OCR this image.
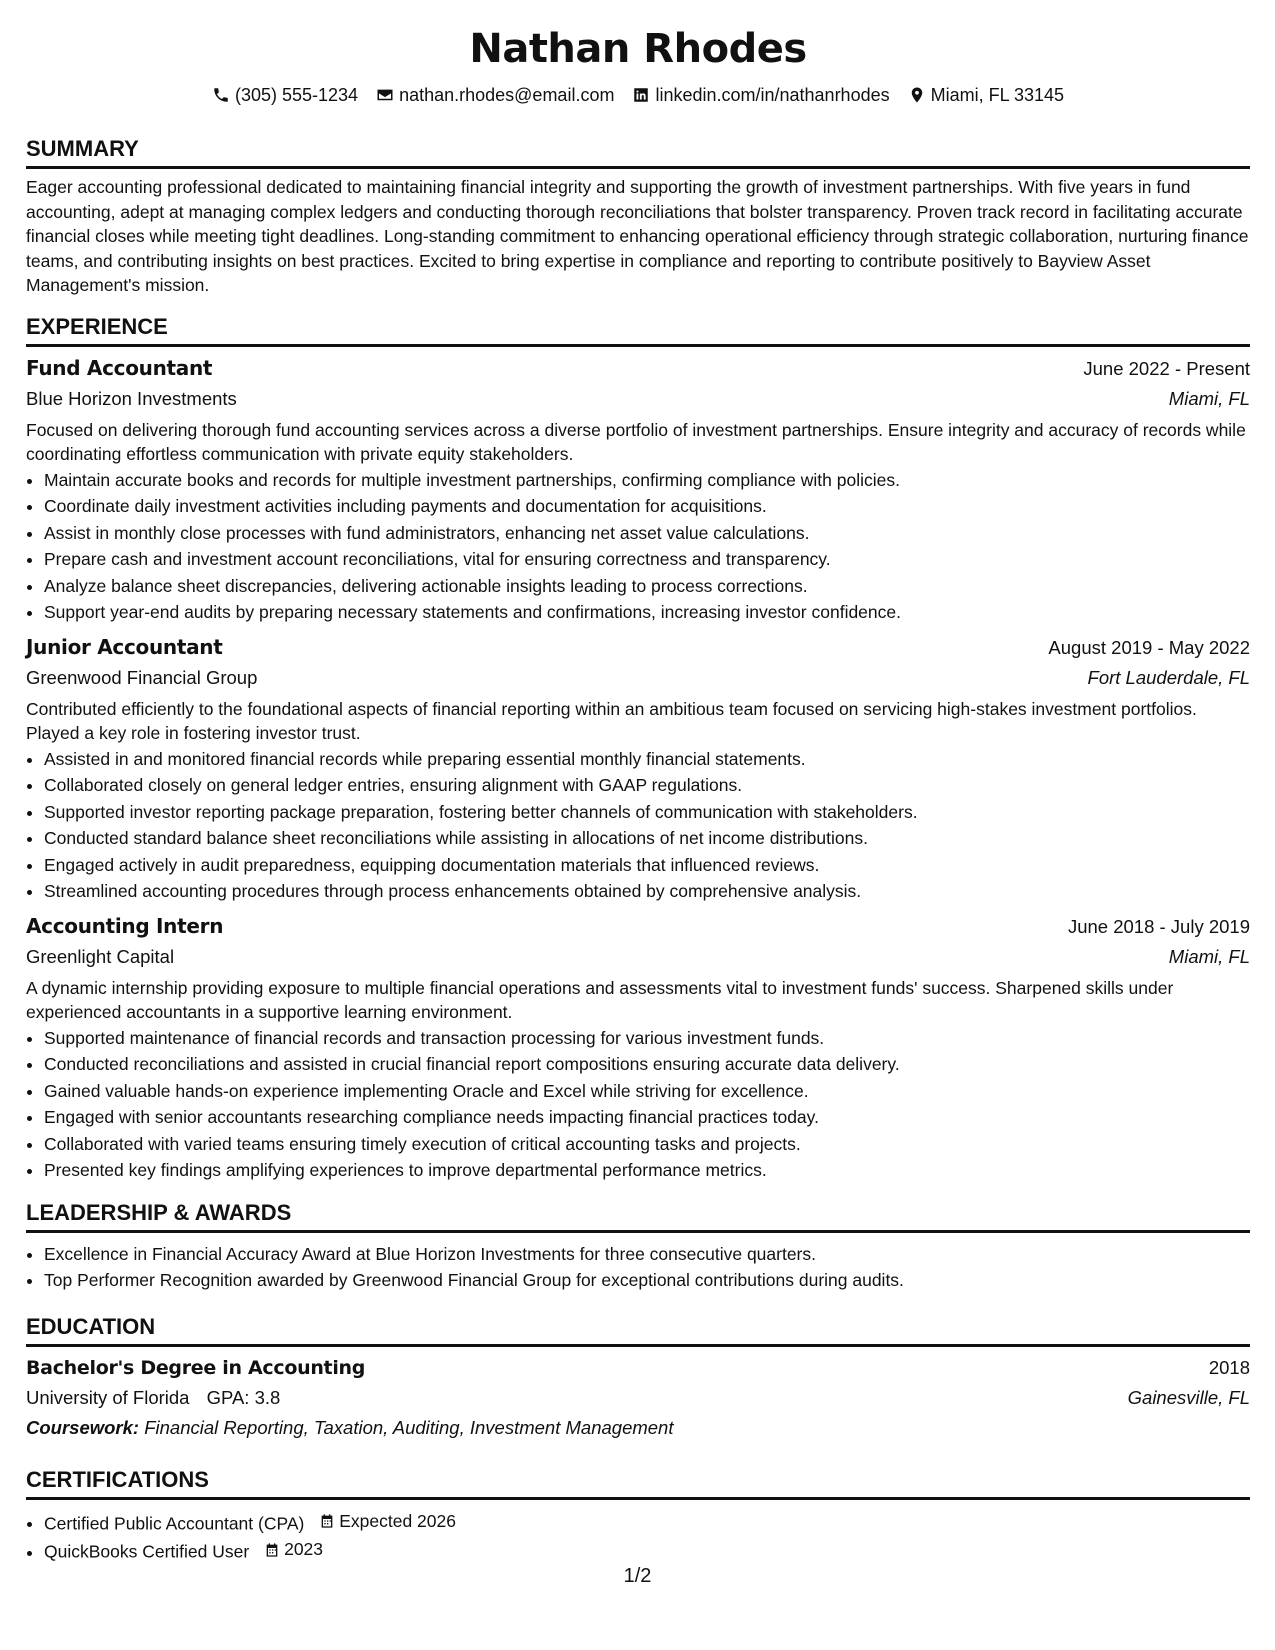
Nathan Rhodes
(305) 555-1234 nathan.rhodes@email.com linkedin.com/in/nathanrhodes Miami, FL 33145
SUMMARY

Eager accounting professional dedicated to maintaining financial integrity and supporting the growth of investment partnerships. With five years in fund accounting, adept at managing complex ledgers and conducting thorough reconciliations that bolster transparency. Proven track record in facilitating accurate financial closes while meeting tight deadlines. Long-standing commitment to enhancing operational efficiency through strategic collaboration, nurturing finance teams, and contributing insights on best practices. Excited to bring expertise in compliance and reporting to contribute positively to Bayview Asset Management's mission.

EXPERIENCE
Fund Accountant	June 2022 - Present
Blue Horizon Investments	Miami, FL

Focused on delivering thorough fund accounting services across a diverse portfolio of investment partnerships. Ensure integrity and accuracy of records while coordinating effortless communication with private equity stakeholders.

• Maintain accurate books and records for multiple investment partnerships, confirming compliance with policies.
• Coordinate daily investment activities including payments and documentation for acquisitions.
• Assist in monthly close processes with fund administrators, enhancing net asset value calculations.
• Prepare cash and investment account reconciliations, vital for ensuring correctness and transparency.
• Analyze balance sheet discrepancies, delivering actionable insights leading to process corrections.
• Support year-end audits by preparing necessary statements and confirmations, increasing investor confidence.
Junior Accountant	August 2019 - May 2022
Greenwood Financial Group	Fort Lauderdale, FL

Contributed efficiently to the foundational aspects of financial reporting within an ambitious team focused on servicing high-stakes investment portfolios. Played a key role in fostering investor trust.

• Assisted in and monitored financial records while preparing essential monthly financial statements.
• Collaborated closely on general ledger entries, ensuring alignment with GAAP regulations.
• Supported investor reporting package preparation, fostering better channels of communication with stakeholders.
• Conducted standard balance sheet reconciliations while assisting in allocations of net income distributions.
• Engaged actively in audit preparedness, equipping documentation materials that influenced reviews.
• Streamlined accounting procedures through process enhancements obtained by comprehensive analysis.
Accounting Intern	June 2018 - July 2019
Greenlight Capital	Miami, FL

A dynamic internship providing exposure to multiple financial operations and assessments vital to investment funds' success. Sharpened skills under experienced accountants in a supportive learning environment.

• Supported maintenance of financial records and transaction processing for various investment funds.
• Conducted reconciliations and assisted in crucial financial report compositions ensuring accurate data delivery.
• Gained valuable hands-on experience implementing Oracle and Excel while striving for excellence.
• Engaged with senior accountants researching compliance needs impacting financial practices today.
• Collaborated with varied teams ensuring timely execution of critical accounting tasks and projects.
• Presented key findings amplifying experiences to improve departmental performance metrics.
LEADERSHIP & AWARDS
• Excellence in Financial Accuracy Award at Blue Horizon Investments for three consecutive quarters.
• Top Performer Recognition awarded by Greenwood Financial Group for exceptional contributions during audits.
EDUCATION
Bachelor's Degree in Accounting	2018
University of Florida GPA: 3.8	Gainesville, FL
Coursework: Financial Reporting, Taxation, Auditing, Investment Management
CERTIFICATIONS
• Certified Public Accountant (CPA) Expected 2026
• QuickBooks Certified User 2023
1/2
